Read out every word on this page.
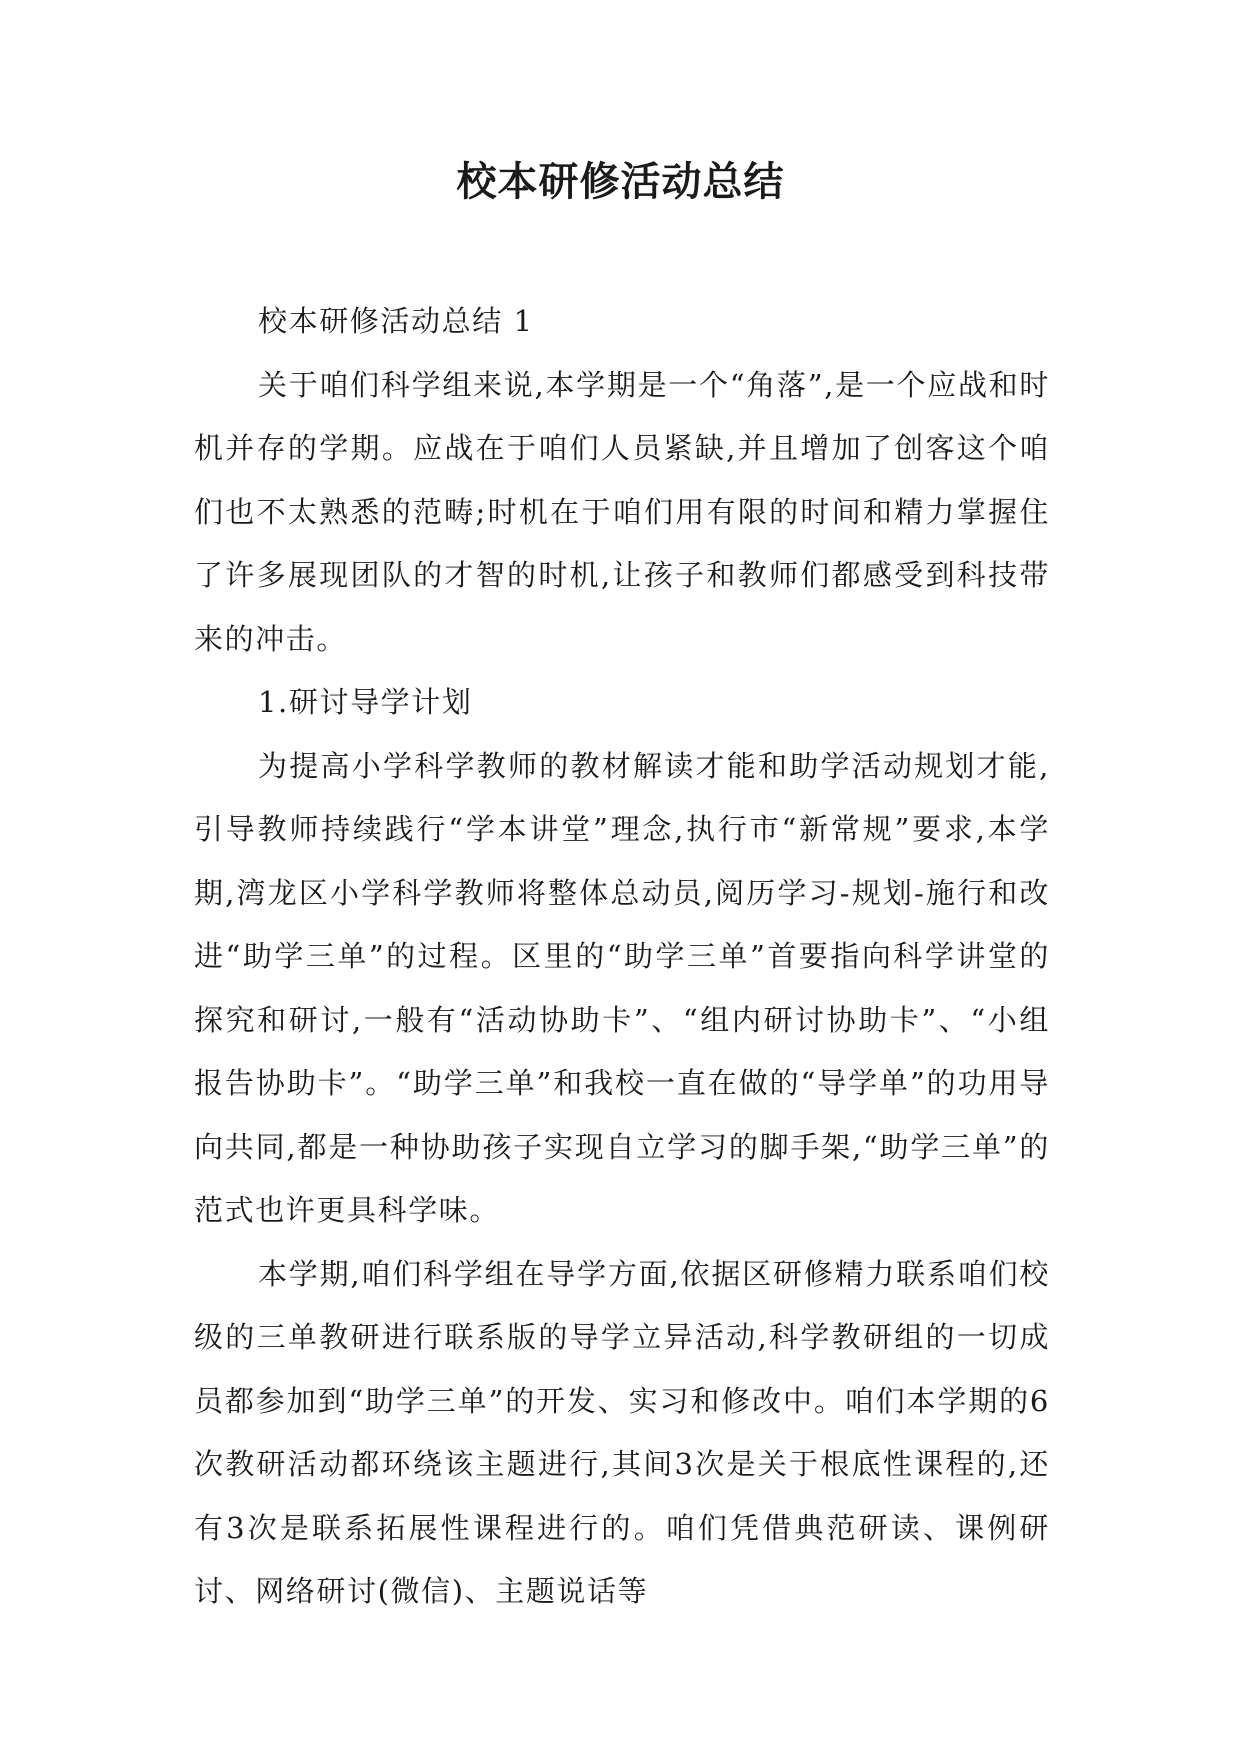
校本研修活动总结

校本研修活动总结 1

关于咱们科学组来说,本学期是一个“角落”,是一个应战和时机并存的学期。应战在于咱们人员紧缺,并且增加了创客这个咱们也不太熟悉的范畴;时机在于咱们用有限的时间和精力掌握住了许多展现团队的才智的时机,让孩子和教师们都感受到科技带来的冲击。

1.研讨导学计划

为提高小学科学教师的教材解读才能和助学活动规划才能,引导教师持续践行“学本讲堂”理念,执行市“新常规”要求,本学期,湾龙区小学科学教师将整体总动员,阅历学习-规划-施行和改进“助学三单”的过程。区里的“助学三单”首要指向科学讲堂的探究和研讨,一般有“活动协助卡”、“组内研讨协助卡”、“小组报告协助卡”。“助学三单”和我校一直在做的“导学单”的功用导向共同,都是一种协助孩子实现自立学习的脚手架,“助学三单”的范式也许更具科学味。

本学期,咱们科学组在导学方面,依据区研修精力联系咱们校级的三单教研进行联系版的导学立异活动,科学教研组的一切成员都参加到“助学三单”的开发、实习和修改中。咱们本学期的6次教研活动都环绕该主题进行,其间3次是关于根底性课程的,还有3次是联系拓展性课程进行的。咱们凭借典范研读、课例研讨、网络研讨(微信)、主题说话等
